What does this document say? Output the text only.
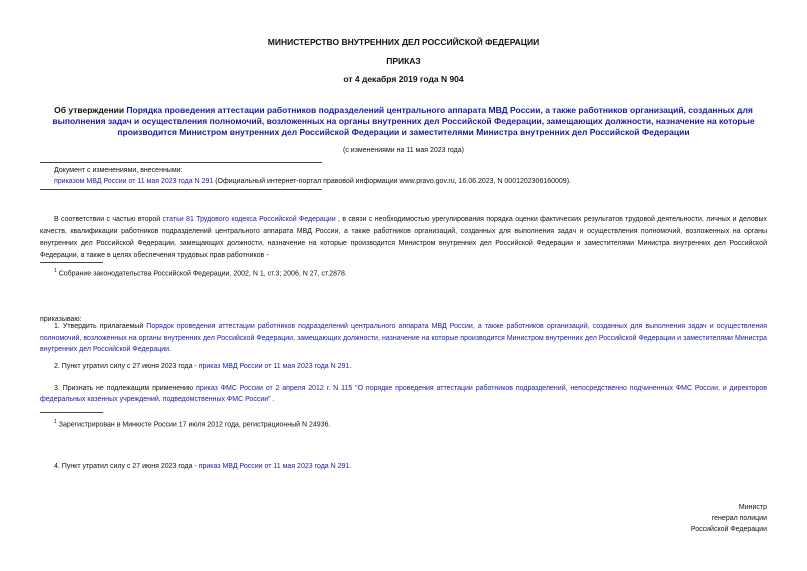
МИНИСТЕРСТВО ВНУТРЕННИХ ДЕЛ РОССИЙСКОЙ ФЕДЕРАЦИИ
ПРИКАЗ
от 4 декабря 2019 года N 904
Об утверждении Порядка проведения аттестации работников подразделений центрального аппарата МВД России, а также работников организаций, созданных для выполнения задач и осуществления полномочий, возложенных на органы внутренних дел Российской Федерации, замещающих должности, назначение на которые производится Министром внутренних дел Российской Федерации и заместителями Министра внутренних дел Российской Федерации
(с изменениями на 11 мая 2023 года)
Документ с изменениями, внесенными:
приказом МВД России от 11 мая 2023 года N 291 (Официальный интернет-портал правовой информации www.pravo.gov.ru, 16.06.2023, N 0001202306160009).
В соответствии с частью второй статьи 81 Трудового кодекса Российской Федерации , в связи с необходимостью урегулирования порядка оценки фактических результатов трудовой деятельности, личных и деловых качеств, квалификации работников подразделений центрального аппарата МВД России, а также работников организаций, созданных для выполнения задач и осуществления полномочий, возложенных на органы внутренних дел Российской Федерации, замещающих должности, назначение на которые производится Министром внутренних дел Российской Федерации и заместителями Министра внутренних дел Российской Федерации, а также в целях обеспечения трудовых прав работников -
$^1$ Собрание законодательства Российской Федерации, 2002, N 1, ст.3; 2006, N 27, ст.2878.
приказываю:
1. Утвердить прилагаемый Порядок проведения аттестации работников подразделений центрального аппарата МВД России, а также работников организаций, созданных для выполнения задач и осуществления полномочий, возложенных на органы внутренних дел Российской Федерации, замещающих должности, назначение на которые производится Министром внутренних дел Российской Федерации и заместителями Министра внутренних дел Российской Федерации.
2. Пункт утратил силу с 27 июня 2023 года - приказ МВД России от 11 мая 2023 года N 291.
3. Признать не подлежащим применению приказ ФМС России от 2 апреля 2012 г. N 115 "О порядке проведения аттестации работников подразделений, непосредственно подчиненных ФМС России, и директоров федеральных казенных учреждений, подведомственных ФМС России" .
$^1$ Зарегистрирован в Минюсте России 17 июля 2012 года, регистрационный N 24936.
4. Пункт утратил силу с 27 июня 2023 года - приказ МВД России от 11 мая 2023 года N 291.
Министр
генерал полиции
Российской Федерации
